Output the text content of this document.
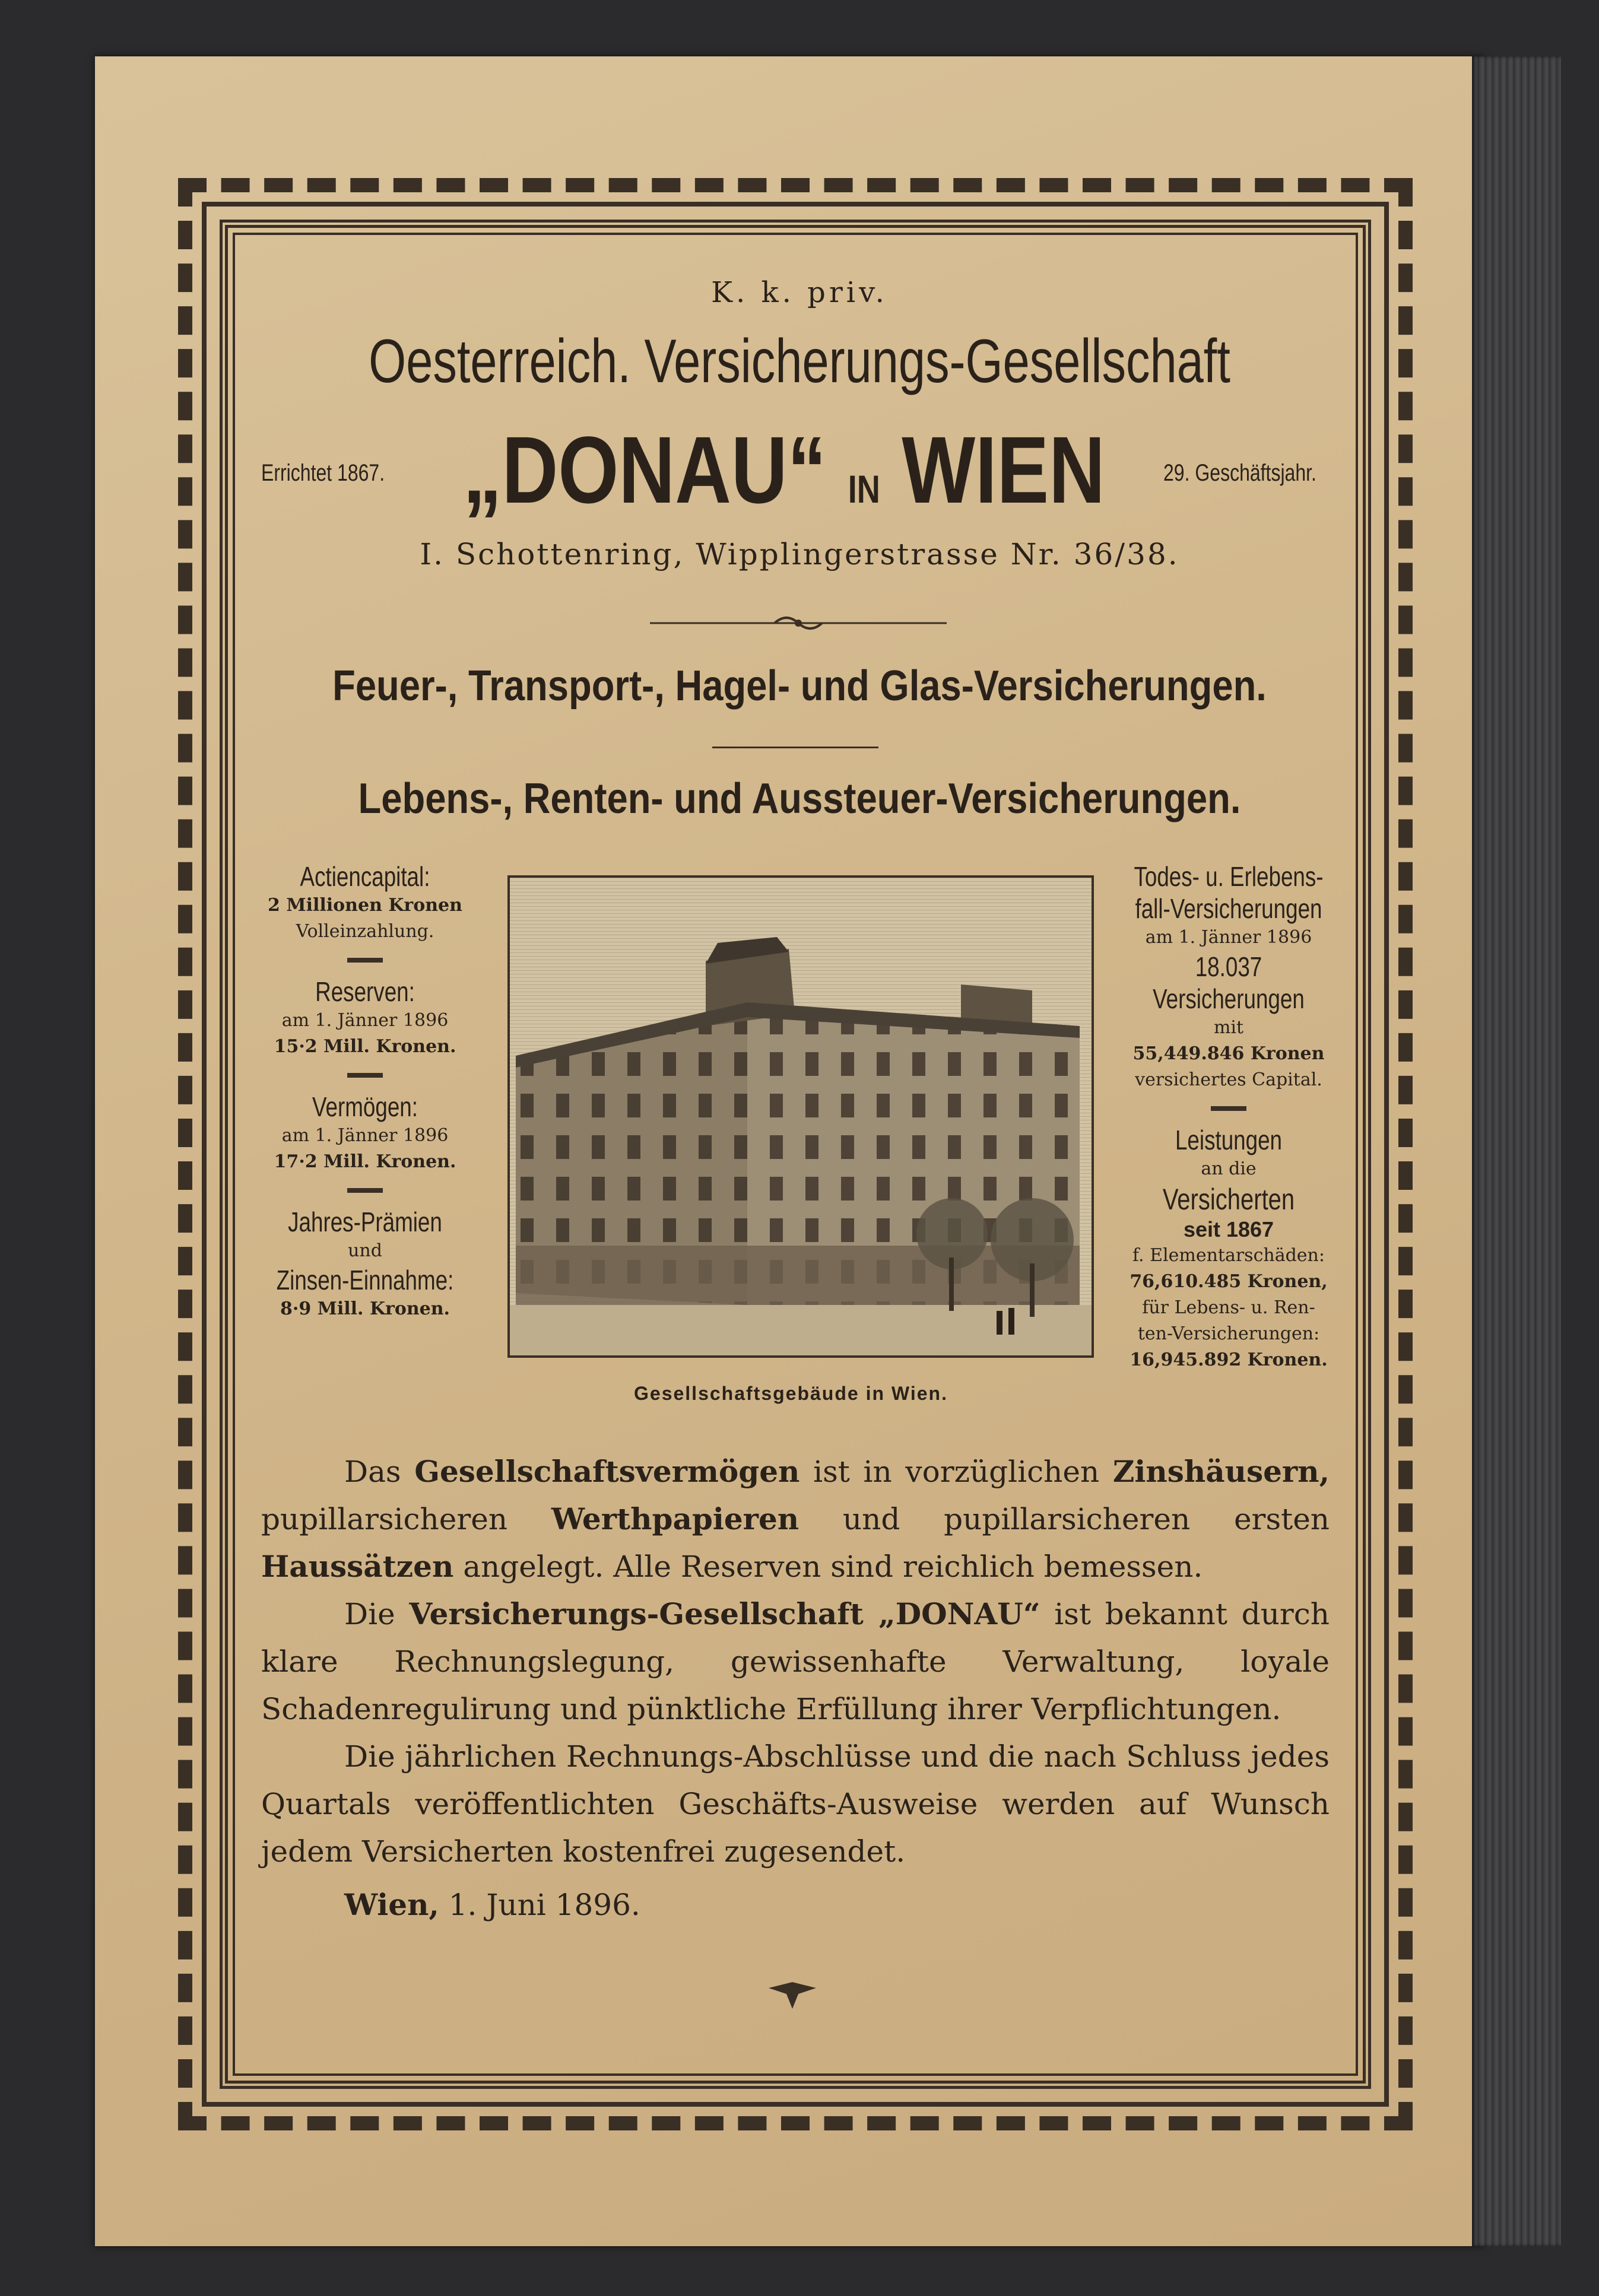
K. k. priv.
Oesterreich. Versicherungs-Gesellschaft
Errichtet 1867.	29. Geschäftsjahr.
„DONAU“ IN WIEN
I. Schottenring, Wipplingerstrasse Nr. 36/38.
Feuer-, Transport-, Hagel- und Glas-Versicherungen.
Lebens-, Renten- und Aussteuer-Versicherungen.
Actiencapital:
2 Millionen Kronen
Volleinzahlung.
Reserven:
am 1. Jänner 1896
15·2 Mill. Kronen.
Vermögen:
am 1. Jänner 1896
17·2 Mill. Kronen.
Jahres-Prämien
und
Zinsen-Einnahme:
8·9 Mill. Kronen.
Gesellschaftsgebäude in Wien.
Todes- u. Erlebens-
fall-Versicherungen
am 1. Jänner 1896
18.037 Versicherungen
mit
55,449.846 Kronen
versichertes Capital.
Leistungen
an die
Versicherten
seit 1867
f. Elementarschäden:
76,610.485 Kronen,
für Lebens- u. Ren-
ten-Versicherungen:
16,945.892 Kronen.

Das Gesellschaftsvermögen ist in vorzüglichen Zinshäusern, pupillarsicheren Werthpapieren und pupillarsicheren ersten Haussätzen angelegt. Alle Reserven sind reichlich bemessen.

Die Versicherungs-Gesellschaft „DONAU“ ist bekannt durch klare Rechnungslegung, gewissenhafte Verwaltung, loyale Schadenregulirung und pünktliche Erfüllung ihrer Verpflichtungen.

Die jährlichen Rechnungs-Abschlüsse und die nach Schluss jedes Quartals veröffentlichten Geschäfts-Ausweise werden auf Wunsch jedem Versicherten kostenfrei zugesendet.

Wien, 1. Juni 1896.
